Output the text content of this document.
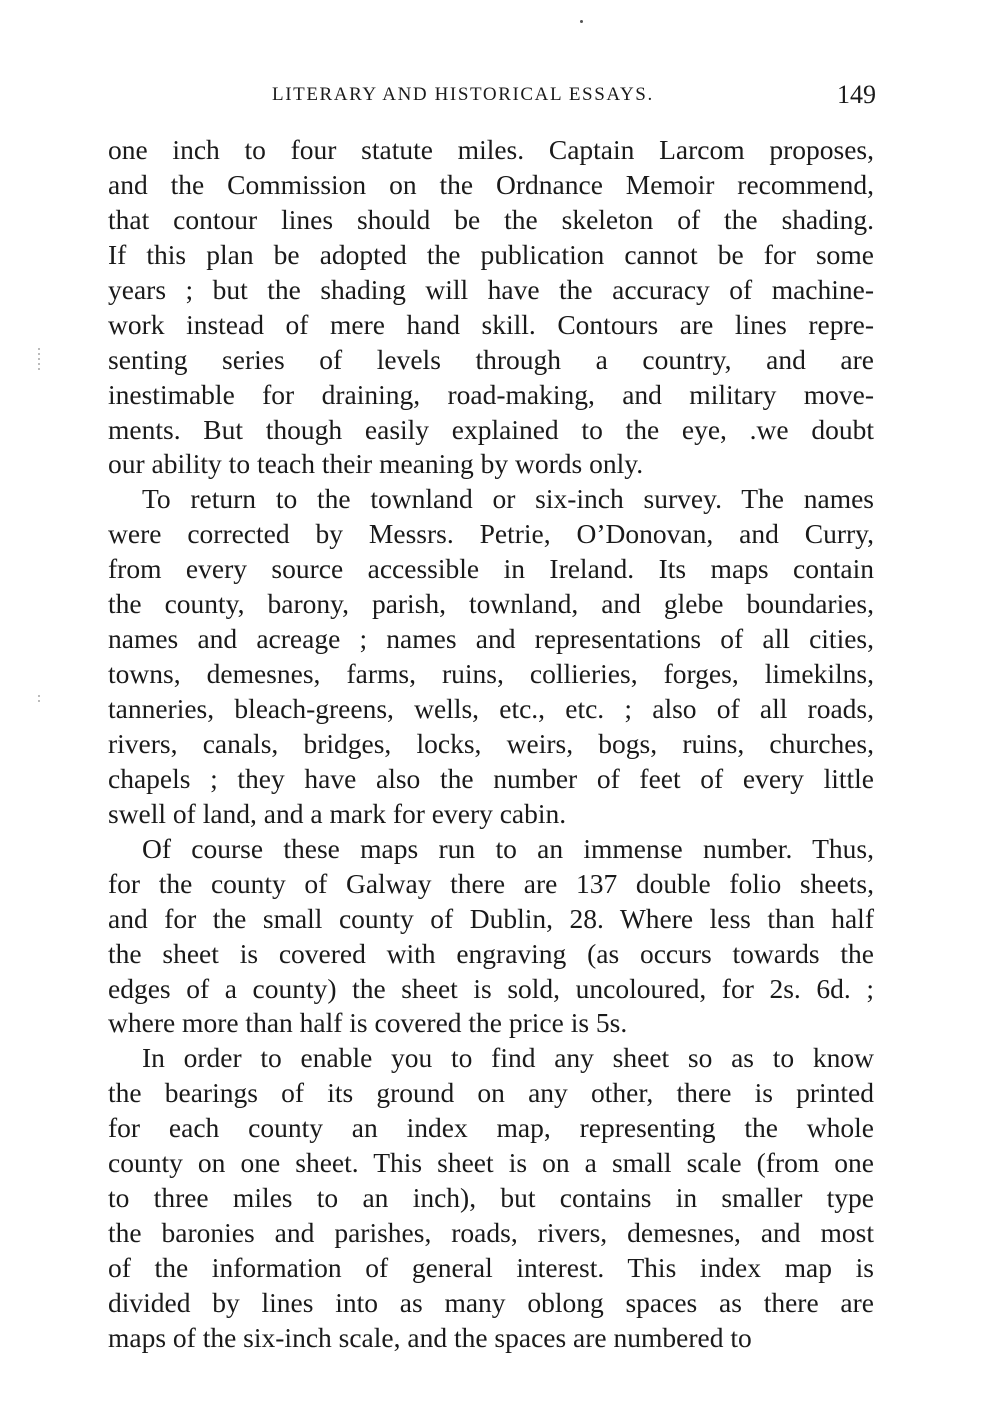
LITERARY AND HISTORICAL ESSAYS.	149
one inch to four statute miles. Captain Larcom proposes,
and the Commission on the Ordnance Memoir recommend,
that contour lines should be the skeleton of the shading.
If this plan be adopted the publication cannot be for some
years ; but the shading will have the accuracy of machine-
work instead of mere hand skill. Contours are lines repre-
senting series of levels through a country, and are
inestimable for draining, road-making, and military move-
ments. But though easily explained to the eye, .we doubt
our ability to teach their meaning by words only.
To return to the townland or six-inch survey. The names
were corrected by Messrs. Petrie, O’Donovan, and Curry,
from every source accessible in Ireland. Its maps contain
the county, barony, parish, townland, and glebe boundaries,
names and acreage ; names and representations of all cities,
towns, demesnes, farms, ruins, collieries, forges, limekilns,
tanneries, bleach-greens, wells, etc., etc. ; also of all roads,
rivers, canals, bridges, locks, weirs, bogs, ruins, churches,
chapels ; they have also the number of feet of every little
swell of land, and a mark for every cabin.
Of course these maps run to an immense number. Thus,
for the county of Galway there are 137 double folio sheets,
and for the small county of Dublin, 28. Where less than half
the sheet is covered with engraving (as occurs towards the
edges of a county) the sheet is sold, uncoloured, for 2s. 6d. ;
where more than half is covered the price is 5s.
In order to enable you to find any sheet so as to know
the bearings of its ground on any other, there is printed
for each county an index map, representing the whole
county on one sheet. This sheet is on a small scale (from one
to three miles to an inch), but contains in smaller type
the baronies and parishes, roads, rivers, demesnes, and most
of the information of general interest. This index map is
divided by lines into as many oblong spaces as there are
maps of the six-inch scale, and the spaces are numbered to
